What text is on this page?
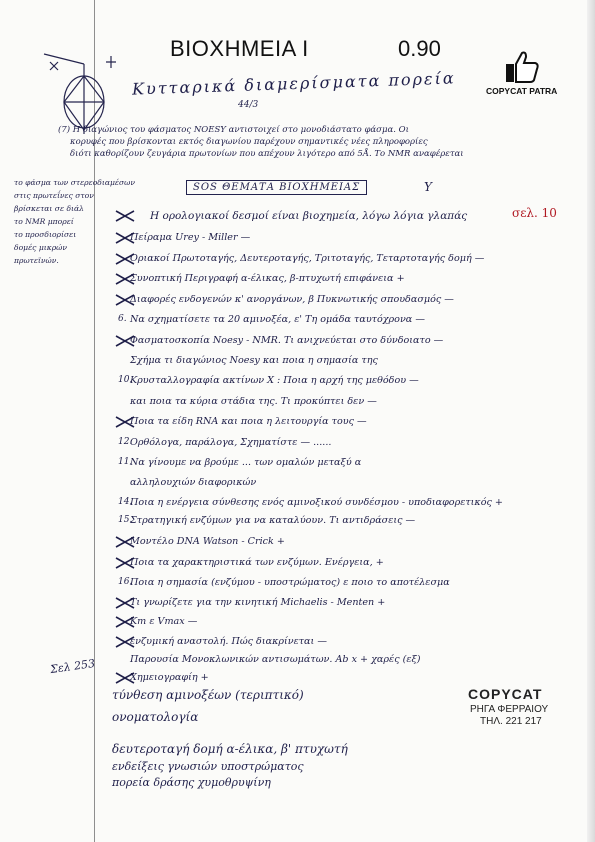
ΒΙΟΧΗΜΕΙΑ Ι	0.90
COPYCAT PATRA
Κυτταρικά διαμερίσματα πορεία
44/3
(7) Η διαγώνιος του φάσματος NOESY αντιστοιχεί στο μονοδιάστατο φάσμα. Οι
κορυφές που βρίσκονται εκτός διαγωνίου παρέχουν σημαντικές νέες πληροφορίες
διότι καθορίζουν ζευγάρια πρωτονίων που απέχουν λιγότερο από 5Å. Το NMR αναφέρεται
το φάσμα των στερεοδιαμέσων
στις πρωτεΐνες στον
βρίσκεται σε διάλ
το NMR μπορεί
το προσδιορίσει
δομές μικρών
πρωτεϊνών.
SOS ΘΕΜΑΤΑ ΒΙΟΧΗΜΕΙΑΣ	Y
Η ορολογιακοί δεσμοί είναι βιοχημεία, λόγω λόγια γλαπάς
Πείραμα Urey - Miller —
Οριακοί Πρωτοταγής, Δευτεροταγής, Τριτοταγής, Τεταρτοταγής δομή —
Συνοπτική Περιγραφή α-έλικας, β-πτυχωτή επιφάνεια +
Διαφορές ενδογενών κ' ανοργάνων, β Πυκνωτικής σπουδασμός —
6. Να σχηματίσετε τα 20 αμινοξέα, ε' Τη ομάδα ταυτόχρονα —
Φασματοσκοπία Noesy - NMR. Τι ανιχνεύεται στο δύνδοιατο —
Σχήμα τι διαγώνιος Noesy και ποια η σημασία της
10.
Κρυσταλλογραφία ακτίνων Χ : Ποια η αρχή της μεθόδου —
και ποια τα κύρια στάδια της. Τι προκύπτει δεν —
Ποια τα είδη RNA και ποια η λειτουργία τους —
12.
Ορθόλογα, παράλογα, Σχηματίστε — ......
11.
Να γίνουμε να βρούμε ... των ομαλών μεταξύ α
αλληλουχιών διαφορικών
14.
Ποια η ενέργεια σύνθεσης ενός αμινοξικού συνδέσμου - υποδιαφορετικός +
15.
Στρατηγική ενζύμων για να καταλύουν. Τι αντιδράσεις —
Μοντέλο DNA Watson - Crick +
Ποια τα χαρακτηριστικά των ενζύμων. Ενέργεια, +
16.
Ποια η σημασία (ενζύμου - υποστρώματος) ε ποιο το αποτέλεσμα
Τι γνωρίζετε για την κινητική Michaelis - Menten +
Km ε Vmax —
ενζυμική αναστολή. Πώς διακρίνεται —
Παρουσία Μονοκλωνικών αντισωμάτων. Ab x + χαρές (εξ)
Χημειογραφίη +
σελ. 10
Σελ 253
τύνθεση αμινοξέων (τεριπτικό)
ονοματολογία
δευτεροταγή δομή α-έλικα, β' πτυχωτή
ενδείξεις γνωσιών υποστρώματος
πορεία δράσης χυμοθρυψίνη
COPYCAT
ΡΗΓΑ ΦΕΡΡΑΙΟΥ
ΤΗΛ. 221 217
